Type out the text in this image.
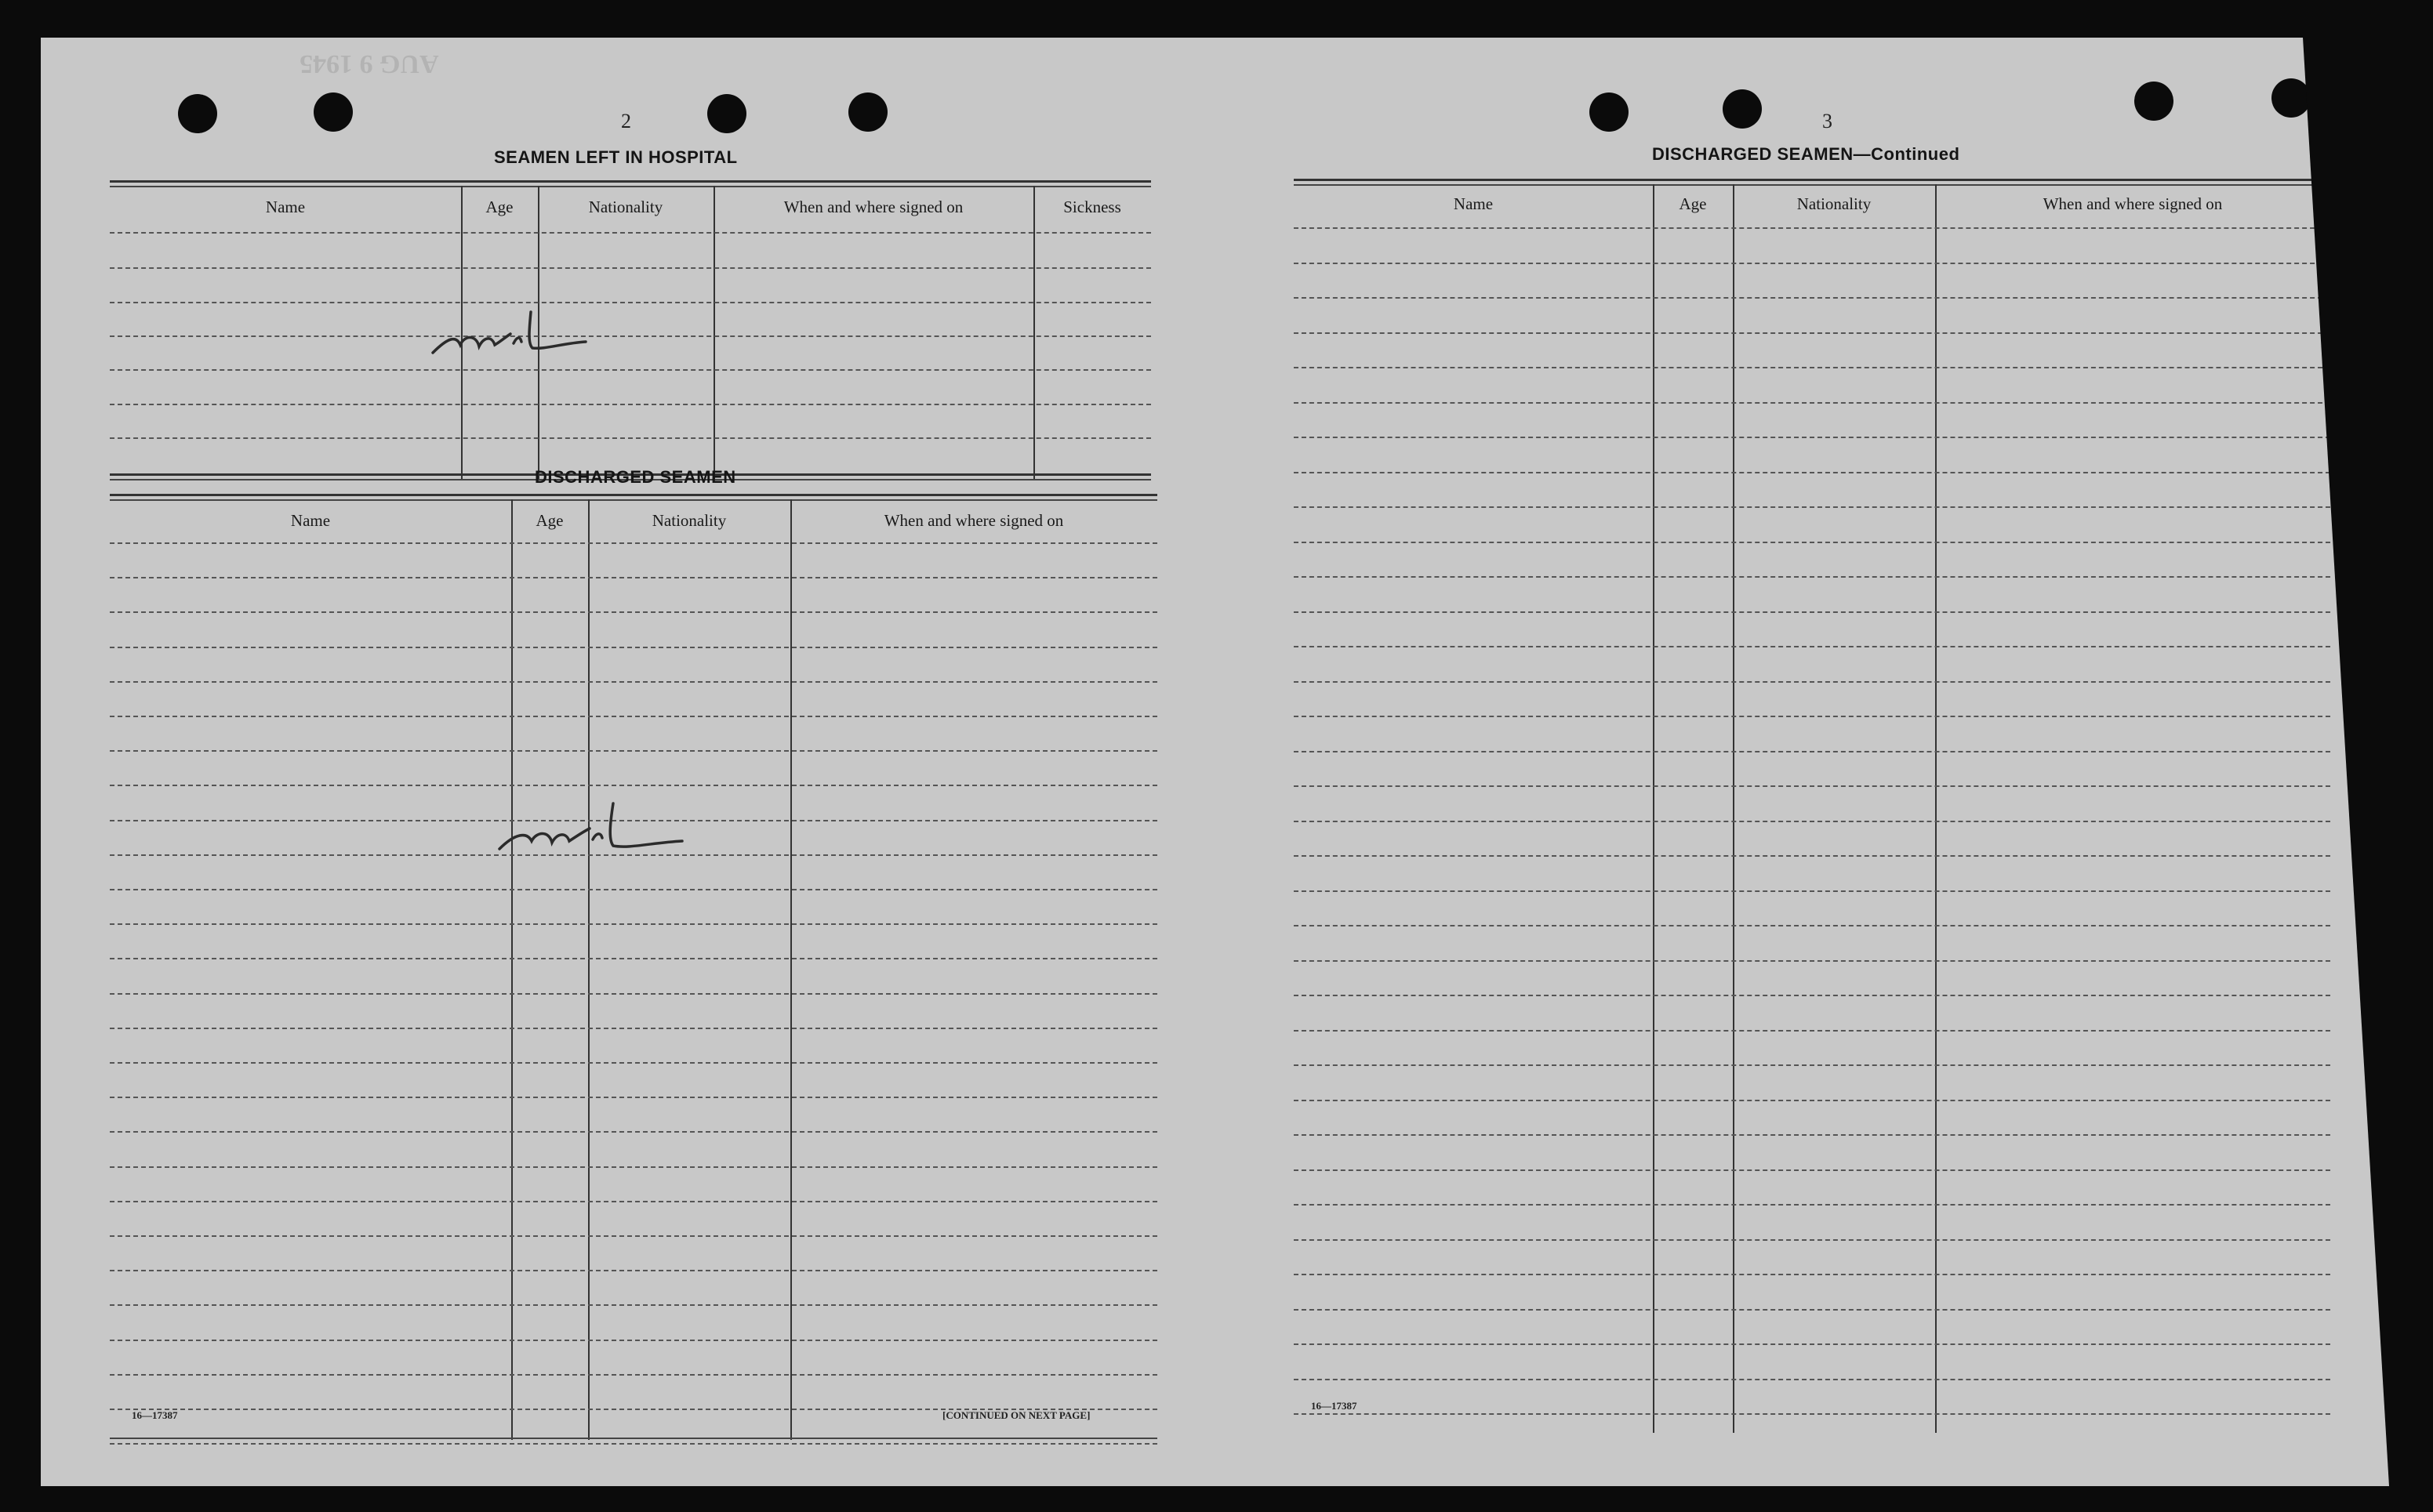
AUG 9 1945
2
SEAMEN LEFT IN HOSPITAL
Name	Age	Nationality	When and where signed on	Sickness
nil
DISCHARGED SEAMEN
Name	Age	Nationality	When and where signed on
nil
16—17387	[CONTINUED ON NEXT PAGE]
3
DISCHARGED SEAMEN—Continued
Name	Age	Nationality	When and where signed on
16—17387
